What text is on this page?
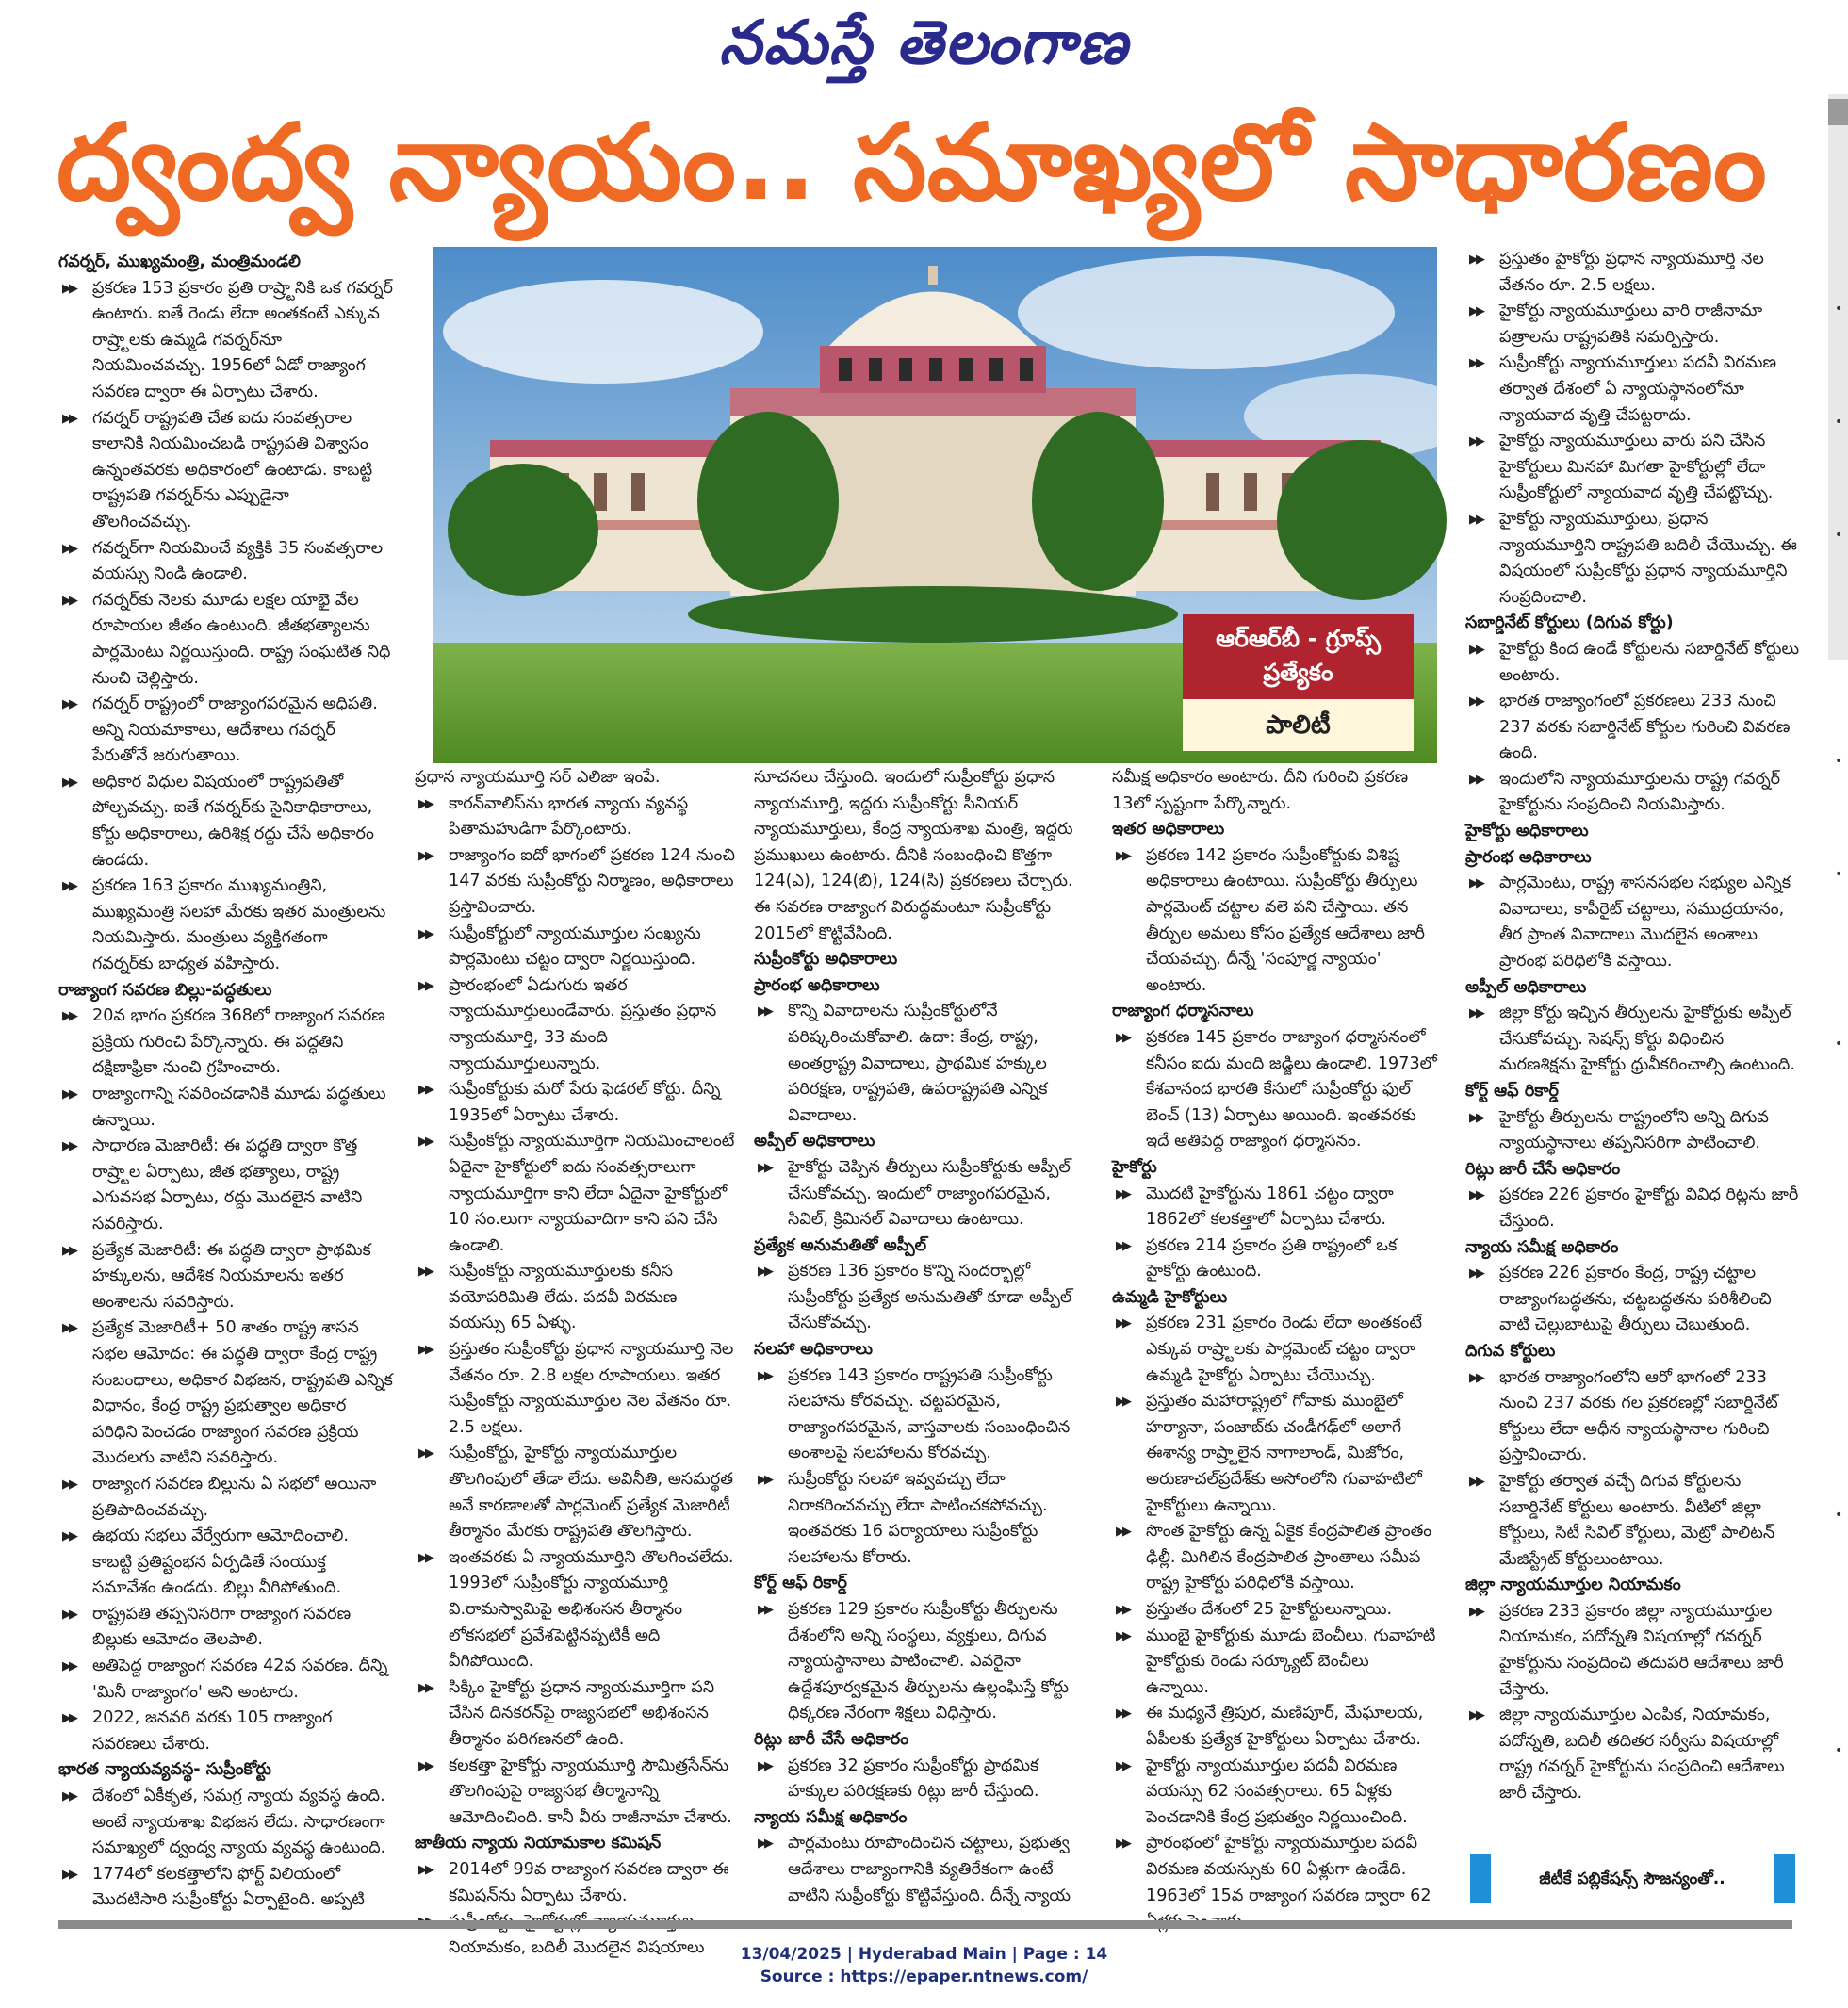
నమస్తే తెలంగాణ
ద్వంద్వ న్యాయం.. సమాఖ్యలో సాధారణం
ఆర్ఆర్‌బీ - గ్రూప్స్ ప్రత్యేకం
పాలిటీ

గవర్నర్, ముఖ్యమంత్రి, మంత్రిమండలి

▶▶ ప్రకరణ 153 ప్రకారం ప్రతి రాష్ర్టానికి ఒక గవర్నర్ ఉంటారు. ఐతే రెండు లేదా అంతకంటే ఎక్కువ రాష్ర్టాలకు ఉమ్మడి గవర్నర్‌నూ నియమించవచ్చు. 1956లో ఏడో రాజ్యాంగ సవరణ ద్వారా ఈ ఏర్పాటు చేశారు.

▶▶ గవర్నర్ రాష్ట్రపతి చేత ఐదు సంవత్సరాల కాలానికి నియమించబడి రాష్ట్రపతి విశ్వాసం ఉన్నంతవరకు అధికారంలో ఉంటాడు. కాబట్టి రాష్ట్రపతి గవర్నర్‌ను ఎప్పుడైనా తొలగించవచ్చు.

▶▶ గవర్నర్‌గా నియమించే వ్యక్తికి 35 సంవత్సరాల వయస్సు నిండి ఉండాలి.

▶▶ గవర్నర్‌కు నెలకు మూడు లక్షల యాభై వేల రూపాయల జీతం ఉంటుంది. జీతభత్యాలను పార్లమెంటు నిర్ణయిస్తుంది. రాష్ట్ర సంఘటిత నిధి నుంచి చెల్లిస్తారు.

▶▶ గవర్నర్ రాష్ట్రంలో రాజ్యాంగపరమైన అధిపతి. అన్ని నియమాకాలు, ఆదేశాలు గవర్నర్ పేరుతోనే జరుగుతాయి.

▶▶ అధికార విధుల విషయంలో రాష్ట్రపతితో పోల్చవచ్చు. ఐతే గవర్నర్‌కు సైనికాధికారాలు, కోర్టు అధికారాలు, ఉరిశిక్ష రద్దు చేసే అధికారం ఉండదు.

▶▶ ప్రకరణ 163 ప్రకారం ముఖ్యమంత్రిని, ముఖ్యమంత్రి సలహా మేరకు ఇతర మంత్రులను నియమిస్తారు. మంత్రులు వ్యక్తిగతంగా గవర్నర్‌కు బాధ్యత వహిస్తారు.

రాజ్యాంగ సవరణ బిల్లు-పద్ధతులు

▶▶ 20వ భాగం ప్రకరణ 368లో రాజ్యాంగ సవరణ ప్రక్రియ గురించి పేర్కొన్నారు. ఈ పద్ధతిని దక్షిణాఫ్రికా నుంచి గ్రహించారు.

▶▶ రాజ్యాంగాన్ని సవరించడానికి మూడు పద్ధతులు ఉన్నాయి.

▶▶ సాధారణ మెజారిటీ: ఈ పద్ధతి ద్వారా కొత్త రాష్ర్టాల ఏర్పాటు, జీత భత్యాలు, రాష్ట్ర ఎగువసభ ఏర్పాటు, రద్దు మొదలైన వాటిని సవరిస్తారు.

▶▶ ప్రత్యేక మెజారిటీ: ఈ పద్ధతి ద్వారా ప్రాథమిక హక్కులను, ఆదేశిక నియమాలను ఇతర అంశాలను సవరిస్తారు.

▶▶ ప్రత్యేక మెజారిటీ+ 50 శాతం రాష్ట్ర శాసన సభల ఆమోదం: ఈ పద్ధతి ద్వారా కేంద్ర రాష్ట్ర సంబంధాలు, అధికార విభజన, రాష్ట్రపతి ఎన్నిక విధానం, కేంద్ర రాష్ట్ర ప్రభుత్వాల అధికార పరిధిని పెంచడం రాజ్యాంగ సవరణ ప్రక్రియ మొదలగు వాటిని సవరిస్తారు.

▶▶ రాజ్యాంగ సవరణ బిల్లును ఏ సభలో అయినా ప్రతిపాదించవచ్చు.

▶▶ ఉభయ సభలు వేర్వేరుగా ఆమోదించాలి. కాబట్టి ప్రతిష్టంభన ఏర్పడితే సంయుక్త సమావేశం ఉండదు. బిల్లు వీగిపోతుంది.

▶▶ రాష్ట్రపతి తప్పనిసరిగా రాజ్యాంగ సవరణ బిల్లుకు ఆమోదం తెలపాలి.

▶▶ అతిపెద్ద రాజ్యాంగ సవరణ 42వ సవరణ. దీన్ని 'మినీ రాజ్యాంగం' అని అంటారు.

▶▶ 2022, జనవరి వరకు 105 రాజ్యాంగ సవరణలు చేశారు.

భారత న్యాయవ్యవస్థ- సుప్రీంకోర్టు

▶▶ దేశంలో ఏకీకృత, సమగ్ర న్యాయ వ్యవస్థ ఉంది. అంటే న్యాయశాఖ విభజన లేదు. సాధారణంగా సమాఖ్యలో ద్వంద్వ న్యాయ వ్యవస్థ ఉంటుంది.

▶▶ 1774లో కలకత్తాలోని ఫోర్ట్ విలియంలో మొదటిసారి సుప్రీంకోర్టు ఏర్పాటైంది. అప్పటి

ప్రధాన న్యాయమూర్తి సర్ ఎలిజా ఇంపే.

▶▶ కారన్‌వాలిస్‌ను భారత న్యాయ వ్యవస్థ పితామహుడిగా పేర్కొంటారు.

▶▶ రాజ్యాంగం ఐదో భాగంలో ప్రకరణ 124 నుంచి 147 వరకు సుప్రీంకోర్టు నిర్మాణం, అధికారాలు ప్రస్తావించారు.

▶▶ సుప్రీంకోర్టులో న్యాయమూర్తుల సంఖ్యను పార్లమెంటు చట్టం ద్వారా నిర్ణయిస్తుంది.

▶▶ ప్రారంభంలో ఏడుగురు ఇతర న్యాయమూర్తులుండేవారు. ప్రస్తుతం ప్రధాన న్యాయమూర్తి, 33 మంది న్యాయమూర్తులున్నారు.

▶▶ సుప్రీంకోర్టుకు మరో పేరు ఫెడరల్ కోర్టు. దీన్ని 1935లో ఏర్పాటు చేశారు.

▶▶ సుప్రీంకోర్టు న్యాయమూర్తిగా నియమించాలంటే ఏదైనా హైకోర్టులో ఐదు సంవత్సరాలుగా న్యాయమూర్తిగా కాని లేదా ఏదైనా హైకోర్టులో 10 సం.లుగా న్యాయవాదిగా కాని పని చేసి ఉండాలి.

▶▶ సుప్రీంకోర్టు న్యాయమూర్తులకు కనీస వయోపరిమితి లేదు. పదవీ విరమణ వయస్సు 65 ఏళ్ళు.

▶▶ ప్రస్తుతం సుప్రీంకోర్టు ప్రధాన న్యాయమూర్తి నెల వేతనం రూ. 2.8 లక్షల రూపాయలు. ఇతర సుప్రీంకోర్టు న్యాయమూర్తుల నెల వేతనం రూ. 2.5 లక్షలు.

▶▶ సుప్రీంకోర్టు, హైకోర్టు న్యాయమూర్తుల తొలగింపులో తేడా లేదు. అవినీతి, అసమర్థత అనే కారణాలతో పార్లమెంట్ ప్రత్యేక మెజారిటీ తీర్మానం మేరకు రాష్ట్రపతి తొలగిస్తారు.

▶▶ ఇంతవరకు ఏ న్యాయమూర్తిని తొలగించలేదు. 1993లో సుప్రీంకోర్టు న్యాయమూర్తి వి.రామస్వామిపై అభిశంసన తీర్మానం లోకసభలో ప్రవేశపెట్టినప్పటికీ అది వీగిపోయింది.

▶▶ సిక్కిం హైకోర్టు ప్రధాన న్యాయమూర్తిగా పని చేసిన దినకరన్‌పై రాజ్యసభలో అభిశంసన తీర్మానం పరిగణనలో ఉంది.

▶▶ కలకత్తా హైకోర్టు న్యాయమూర్తి సౌమిత్రసేన్‌ను తొలగింపుపై రాజ్యసభ తీర్మానాన్ని ఆమోదించింది. కానీ వీరు రాజీనామా చేశారు.

జాతీయ న్యాయ నియామకాల కమిషన్

▶▶ 2014లో 99వ రాజ్యాంగ సవరణ ద్వారా ఈ కమిషన్‌ను ఏర్పాటు చేశారు.

నియామకం, బదిలీ మొదలైన విషయాలు

సూచనలు చేస్తుంది. ఇందులో సుప్రీంకోర్టు ప్రధాన న్యాయమూర్తి, ఇద్దరు సుప్రీంకోర్టు సీనియర్ న్యాయమూర్తులు, కేంద్ర న్యాయశాఖ మంత్రి, ఇద్దరు ప్రముఖులు ఉంటారు. దీనికి సంబంధించి కొత్తగా 124(ఎ), 124(బి), 124(సి) ప్రకరణలు చేర్చారు. ఈ సవరణ రాజ్యాంగ విరుద్ధమంటూ సుప్రీంకోర్టు 2015లో కొట్టివేసింది.

సుప్రీంకోర్టు అధికారాలు

ప్రారంభ అధికారాలు

▶▶ కొన్ని వివాదాలను సుప్రీంకోర్టులోనే పరిష్కరించుకోవాలి. ఉదా: కేంద్ర, రాష్ట్ర, అంతర్రాష్ట్ర వివాదాలు, ప్రాథమిక హక్కుల పరిరక్షణ, రాష్ట్రపతి, ఉపరాష్ట్రపతి ఎన్నిక వివాదాలు.

అప్పీల్ అధికారాలు

▶▶ హైకోర్టు చెప్పిన తీర్పులు సుప్రీంకోర్టుకు అప్పీల్ చేసుకోవచ్చు. ఇందులో రాజ్యాంగపరమైన, సివిల్, క్రిమినల్ వివాదాలు ఉంటాయి.

ప్రత్యేక అనుమతితో అప్పీల్

▶▶ ప్రకరణ 136 ప్రకారం కొన్ని సందర్భాల్లో సుప్రీంకోర్టు ప్రత్యేక అనుమతితో కూడా అప్పీల్ చేసుకోవచ్చు.

సలహా అధికారాలు

▶▶ ప్రకరణ 143 ప్రకారం రాష్ట్రపతి సుప్రీంకోర్టు సలహాను కోరవచ్చు. చట్టపరమైన, రాజ్యాంగపరమైన, వాస్తవాలకు సంబంధించిన అంశాలపై సలహాలను కోరవచ్చు.

▶▶ సుప్రీంకోర్టు సలహా ఇవ్వవచ్చు లేదా నిరాకరించవచ్చు లేదా పాటించకపోవచ్చు. ఇంతవరకు 16 పర్యాయాలు సుప్రీంకోర్టు సలహాలను కోరారు.

కోర్ట్ ఆఫ్ రికార్డ్

▶▶ ప్రకరణ 129 ప్రకారం సుప్రీంకోర్టు తీర్పులను దేశంలోని అన్ని సంస్థలు, వ్యక్తులు, దిగువ న్యాయస్థానాలు పాటించాలి. ఎవరైనా ఉద్దేశపూర్వకమైన తీర్పులను ఉల్లంఘిస్తే కోర్టు ధిక్కరణ నేరంగా శిక్షలు విధిస్తారు.

రిట్లు జారీ చేసే అధికారం

▶▶ ప్రకరణ 32 ప్రకారం సుప్రీంకోర్టు ప్రాథమిక హక్కుల పరిరక్షణకు రిట్లు జారీ చేస్తుంది.

న్యాయ సమీక్ష అధికారం

▶▶ పార్లమెంటు రూపొందించిన చట్టాలు, ప్రభుత్వ ఆదేశాలు రాజ్యాంగానికి వ్యతిరేకంగా ఉంటే వాటిని సుప్రీంకోర్టు కొట్టివేస్తుంది. దీన్నే న్యాయ

సమీక్ష అధికారం అంటారు. దీని గురించి ప్రకరణ 13లో స్పష్టంగా పేర్కొన్నారు.

ఇతర అధికారాలు

▶▶ ప్రకరణ 142 ప్రకారం సుప్రీంకోర్టుకు విశిష్ట అధికారాలు ఉంటాయి. సుప్రీంకోర్టు తీర్పులు పార్లమెంట్ చట్టాల వలె పని చేస్తాయి. తన తీర్పుల అమలు కోసం ప్రత్యేక ఆదేశాలు జారీ చేయవచ్చు. దీన్నే 'సంపూర్ణ న్యాయం' అంటారు.

రాజ్యాంగ ధర్మాసనాలు

▶▶ ప్రకరణ 145 ప్రకారం రాజ్యాంగ ధర్మాసనంలో కనీసం ఐదు మంది జడ్జిలు ఉండాలి. 1973లో కేశవానంద భారతి కేసులో సుప్రీంకోర్టు ఫుల్ బెంచ్ (13) ఏర్పాటు అయింది. ఇంతవరకు ఇదే అతిపెద్ద రాజ్యాంగ ధర్మాసనం.

హైకోర్టు

▶▶ మొదటి హైకోర్టును 1861 చట్టం ద్వారా 1862లో కలకత్తాలో ఏర్పాటు చేశారు.

▶▶ ప్రకరణ 214 ప్రకారం ప్రతి రాష్ట్రంలో ఒక హైకోర్టు ఉంటుంది.

ఉమ్మడి హైకోర్టులు

▶▶ ప్రకరణ 231 ప్రకారం రెండు లేదా అంతకంటే ఎక్కువ రాష్ర్టాలకు పార్లమెంట్ చట్టం ద్వారా ఉమ్మడి హైకోర్టు ఏర్పాటు చేయొచ్చు.

▶▶ ప్రస్తుతం మహారాష్ట్రలో గోవాకు ముంబైలో హర్యానా, పంజాబ్‌కు చండీగఢ్‌లో అలాగే ఈశాన్య రాష్ర్టాలైన నాగాలాండ్, మిజోరం, అరుణాచల్‌ప్రదేశ్‌కు అసోంలోని గువాహటిలో హైకోర్టులు ఉన్నాయి.

▶▶ సొంత హైకోర్టు ఉన్న ఏకైక కేంద్రపాలిత ప్రాంతం ఢిల్లీ. మిగిలిన కేంద్రపాలిత ప్రాంతాలు సమీప రాష్ట్ర హైకోర్టు పరిధిలోకి వస్తాయి.

▶▶ ప్రస్తుతం దేశంలో 25 హైకోర్టులున్నాయి.

▶▶ ముంబై హైకోర్టుకు మూడు బెంచీలు. గువాహటి హైకోర్టుకు రెండు సర్క్యూట్ బెంచీలు ఉన్నాయి.

▶▶ ఈ మధ్యనే త్రిపుర, మణిపూర్, మేఘాలయ, ఏపీలకు ప్రత్యేక హైకోర్టులు ఏర్పాటు చేశారు.

▶▶ హైకోర్టు న్యాయమూర్తుల పదవీ విరమణ వయస్సు 62 సంవత్సరాలు. 65 ఏళ్లకు పెంచడానికి కేంద్ర ప్రభుత్వం నిర్ణయించింది.

▶▶ ప్రారంభంలో హైకోర్టు న్యాయమూర్తుల పదవీ విరమణ వయస్సుకు 60 ఏళ్లుగా ఉండేది. 1963లో 15వ రాజ్యాంగ సవరణ ద్వారా 62

▶▶ ప్రస్తుతం హైకోర్టు ప్రధాన న్యాయమూర్తి నెల వేతనం రూ. 2.5 లక్షలు.

▶▶ హైకోర్టు న్యాయమూర్తులు వారి రాజీనామా పత్రాలను రాష్ట్రపతికి సమర్పిస్తారు.

▶▶ సుప్రీంకోర్టు న్యాయమూర్తులు పదవీ విరమణ తర్వాత దేశంలో ఏ న్యాయస్థానంలోనూ న్యాయవాద వృత్తి చేపట్టరాదు.

▶▶ హైకోర్టు న్యాయమూర్తులు వారు పని చేసిన హైకోర్టులు మినహా మిగతా హైకోర్టుల్లో లేదా సుప్రీంకోర్టులో న్యాయవాద వృత్తి చేపట్టొచ్చు.

▶▶ హైకోర్టు న్యాయమూర్తులు, ప్రధాన న్యాయమూర్తిని రాష్ట్రపతి బదిలీ చేయొచ్చు. ఈ విషయంలో సుప్రీంకోర్టు ప్రధాన న్యాయమూర్తిని సంప్రదించాలి.

సబార్డినేట్ కోర్టులు (దిగువ కోర్టు)

▶▶ హైకోర్టు కింద ఉండే కోర్టులను సబార్డినేట్ కోర్టులు అంటారు.

▶▶ భారత రాజ్యాంగంలో ప్రకరణలు 233 నుంచి 237 వరకు సబార్డినేట్ కోర్టుల గురించి వివరణ ఉంది.

▶▶ ఇందులోని న్యాయమూర్తులను రాష్ట్ర గవర్నర్ హైకోర్టును సంప్రదించి నియమిస్తారు.

హైకోర్టు అధికారాలు

ప్రారంభ అధికారాలు

▶▶ పార్లమెంటు, రాష్ట్ర శాసనసభల సభ్యుల ఎన్నిక వివాదాలు, కాపీరైట్ చట్టాలు, సముద్రయానం, తీర ప్రాంత వివాదాలు మొదలైన అంశాలు ప్రారంభ పరిధిలోకి వస్తాయి.

అప్పీల్ అధికారాలు

▶▶ జిల్లా కోర్టు ఇచ్చిన తీర్పులను హైకోర్టుకు అప్పీల్ చేసుకోవచ్చు. సెషన్స్ కోర్టు విధించిన మరణశిక్షను హైకోర్టు ధ్రువీకరించాల్సి ఉంటుంది.

కోర్ట్ ఆఫ్ రికార్డ్

▶▶ హైకోర్టు తీర్పులను రాష్ట్రంలోని అన్ని దిగువ న్యాయస్థానాలు తప్పనిసరిగా పాటించాలి.

రిట్లు జారీ చేసే అధికారం

▶▶ ప్రకరణ 226 ప్రకారం హైకోర్టు వివిధ రిట్లను జారీ చేస్తుంది.

న్యాయ సమీక్ష అధికారం

▶▶ ప్రకరణ 226 ప్రకారం కేంద్ర, రాష్ట్ర చట్టాల రాజ్యాంగబద్ధతను, చట్టబద్ధతను పరిశీలించి వాటి చెల్లుబాటుపై తీర్పులు చెబుతుంది.

దిగువ కోర్టులు

▶▶ భారత రాజ్యాంగంలోని ఆరో భాగంలో 233 నుంచి 237 వరకు గల ప్రకరణల్లో సబార్డినేట్ కోర్టులు లేదా అధీన న్యాయస్థానాల గురించి ప్రస్తావించారు.

▶▶ హైకోర్టు తర్వాత వచ్చే దిగువ కోర్టులను సబార్డినేట్ కోర్టులు అంటారు. వీటిలో జిల్లా కోర్టులు, సిటీ సివిల్ కోర్టులు, మెట్రో పాలిటన్ మేజిస్ట్రేట్ కోర్టులుంటాయి.

జిల్లా న్యాయమూర్తుల నియామకం

▶▶ ప్రకరణ 233 ప్రకారం జిల్లా న్యాయమూర్తుల నియామకం, పదోన్నతి విషయాల్లో గవర్నర్ హైకోర్టును సంప్రదించి తదుపరి ఆదేశాలు జారీ చేస్తారు.

▶▶ జిల్లా న్యాయమూర్తుల ఎంపిక, నియామకం, పదోన్నతి, బదిలీ తదితర సర్వీసు విషయాల్లో రాష్ట్ర గవర్నర్ హైకోర్టును సంప్రదించి ఆదేశాలు జారీ చేస్తారు.

జీటీకే పబ్లికేషన్స్ సౌజన్యంతో..
•
•
•
•
•
•
•
•
13/04/2025 | Hyderabad Main | Page : 14
Source : https://epaper.ntnews.com/
